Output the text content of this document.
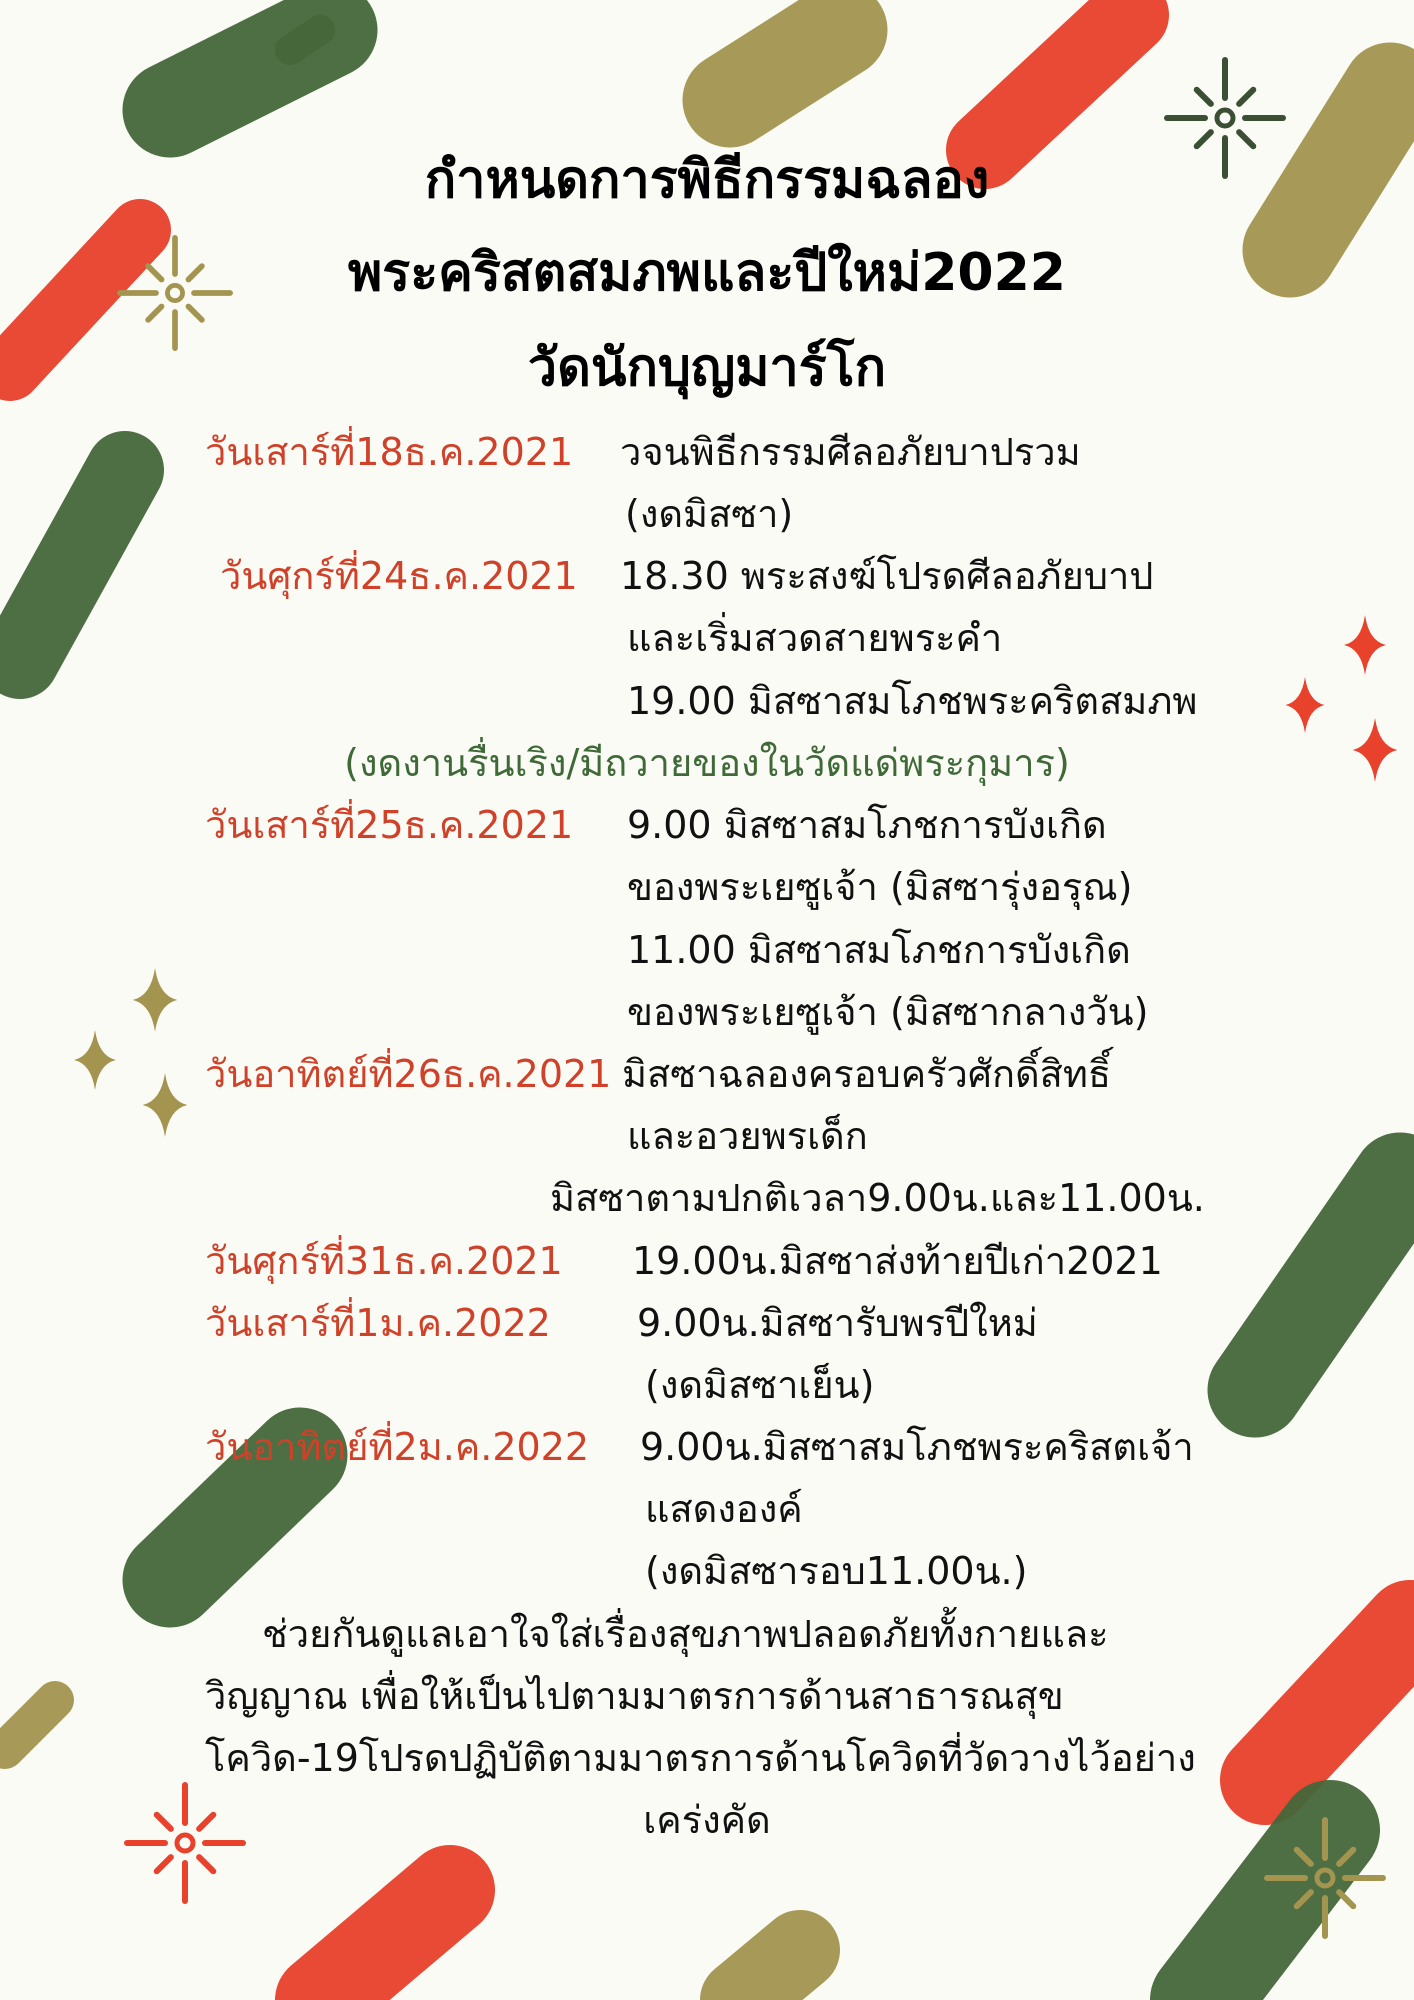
กำหนดการพิธีกรรมฉลอง
พระคริสตสมภพและปีใหม่2022
วัดนักบุญมาร์โก
วันเสาร์ที่18ธ.ค.2021 วจนพิธีกรรมศีลอภัยบาปรวม
(งดมิสซา)
วันศุกร์ที่24ธ.ค.2021 18.30 พระสงฆ์โปรดศีลอภัยบาป
และเริ่มสวดสายพระคำ
19.00 มิสซาสมโภชพระคริตสมภพ
(งดงานรื่นเริง/มีถวายของในวัดแด่พระกุมาร)
วันเสาร์ที่25ธ.ค.2021 9.00 มิสซาสมโภชการบังเกิด
ของพระเยซูเจ้า (มิสซารุ่งอรุณ)
11.00 มิสซาสมโภชการบังเกิด
ของพระเยซูเจ้า (มิสซากลางวัน)
วันอาทิตย์ที่26ธ.ค.2021 มิสซาฉลองครอบครัวศักดิ์สิทธิ์
และอวยพรเด็ก
มิสซาตามปกติเวลา9.00น.และ11.00น.
วันศุกร์ที่31ธ.ค.2021 19.00น.มิสซาส่งท้ายปีเก่า2021
วันเสาร์ที่1ม.ค.2022 9.00น.มิสซารับพรปีใหม่
(งดมิสซาเย็น)
วันอาทิตย์ที่2ม.ค.2022 9.00น.มิสซาสมโภชพระคริสตเจ้า
แสดงองค์
(งดมิสซารอบ11.00น.)
ช่วยกันดูแลเอาใจใส่เรื่องสุขภาพปลอดภัยทั้งกายและ
วิญญาณ เพื่อให้เป็นไปตามมาตรการด้านสาธารณสุข
โควิด-19โปรดปฏิบัติตามมาตรการด้านโควิดที่วัดวางไว้อย่าง
เคร่งคัด
